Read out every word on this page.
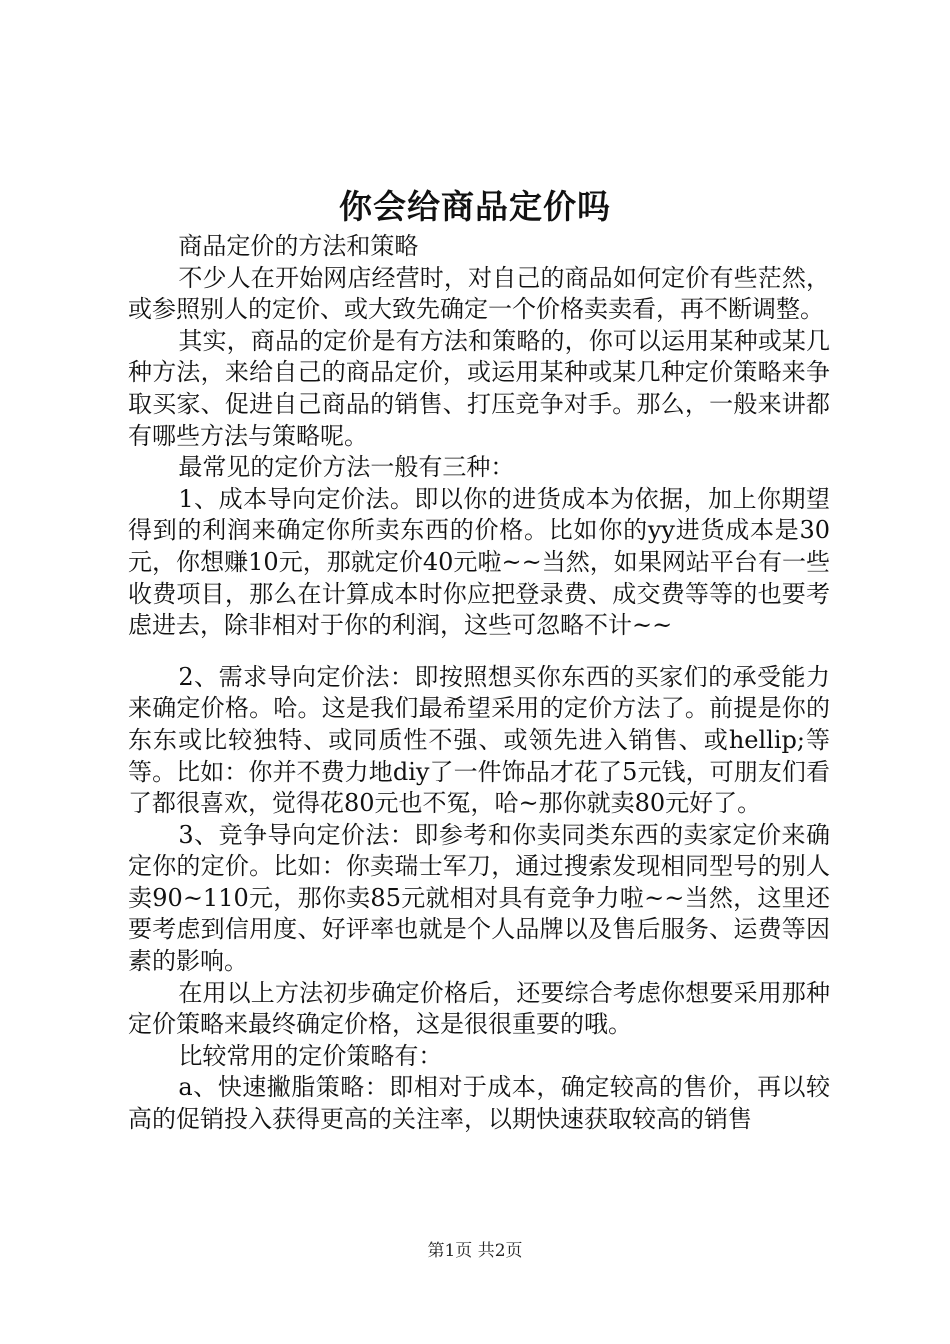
你会给商品定价吗

商品定价的方法和策略

不少人在开始网店经营时，对自己的商品如何定价有些茫然，或参照别人的定价、或大致先确定一个价格卖卖看，再不断调整。

其实，商品的定价是有方法和策略的，你可以运用某种或某几种方法，来给自己的商品定价，或运用某种或某几种定价策略来争取买家、促进自己商品的销售、打压竞争对手。那么，一般来讲都有哪些方法与策略呢。

最常见的定价方法一般有三种：

1、成本导向定价法。即以你的进货成本为依据，加上你期望得到的利润来确定你所卖东西的价格。比如你的yy进货成本是30元，你想赚10元，那就定价40元啦~~当然，如果网站平台有一些收费项目，那么在计算成本时你应把登录费、成交费等等的也要考虑进去，除非相对于你的利润，这些可忽略不计~~

2、需求导向定价法：即按照想买你东西的买家们的承受能力来确定价格。哈。这是我们最希望采用的定价方法了。前提是你的东东或比较独特、或同质性不强、或领先进入销售、或hellip;等等。比如：你并不费力地diy了一件饰品才花了5元钱，可朋友们看了都很喜欢，觉得花80元也不冤，哈~那你就卖80元好了。

3、竞争导向定价法：即参考和你卖同类东西的卖家定价来确定你的定价。比如：你卖瑞士军刀，通过搜索发现相同型号的别人卖90~110元，那你卖85元就相对具有竞争力啦~~当然，这里还要考虑到信用度、好评率也就是个人品牌以及售后服务、运费等因素的影响。

在用以上方法初步确定价格后，还要综合考虑你想要采用那种定价策略来最终确定价格，这是很很重要的哦。

比较常用的定价策略有：

a、快速撇脂策略：即相对于成本，确定较高的售价，再以较高的促销投入获得更高的关注率，以期快速获取较高的销售

第1页 共2页
